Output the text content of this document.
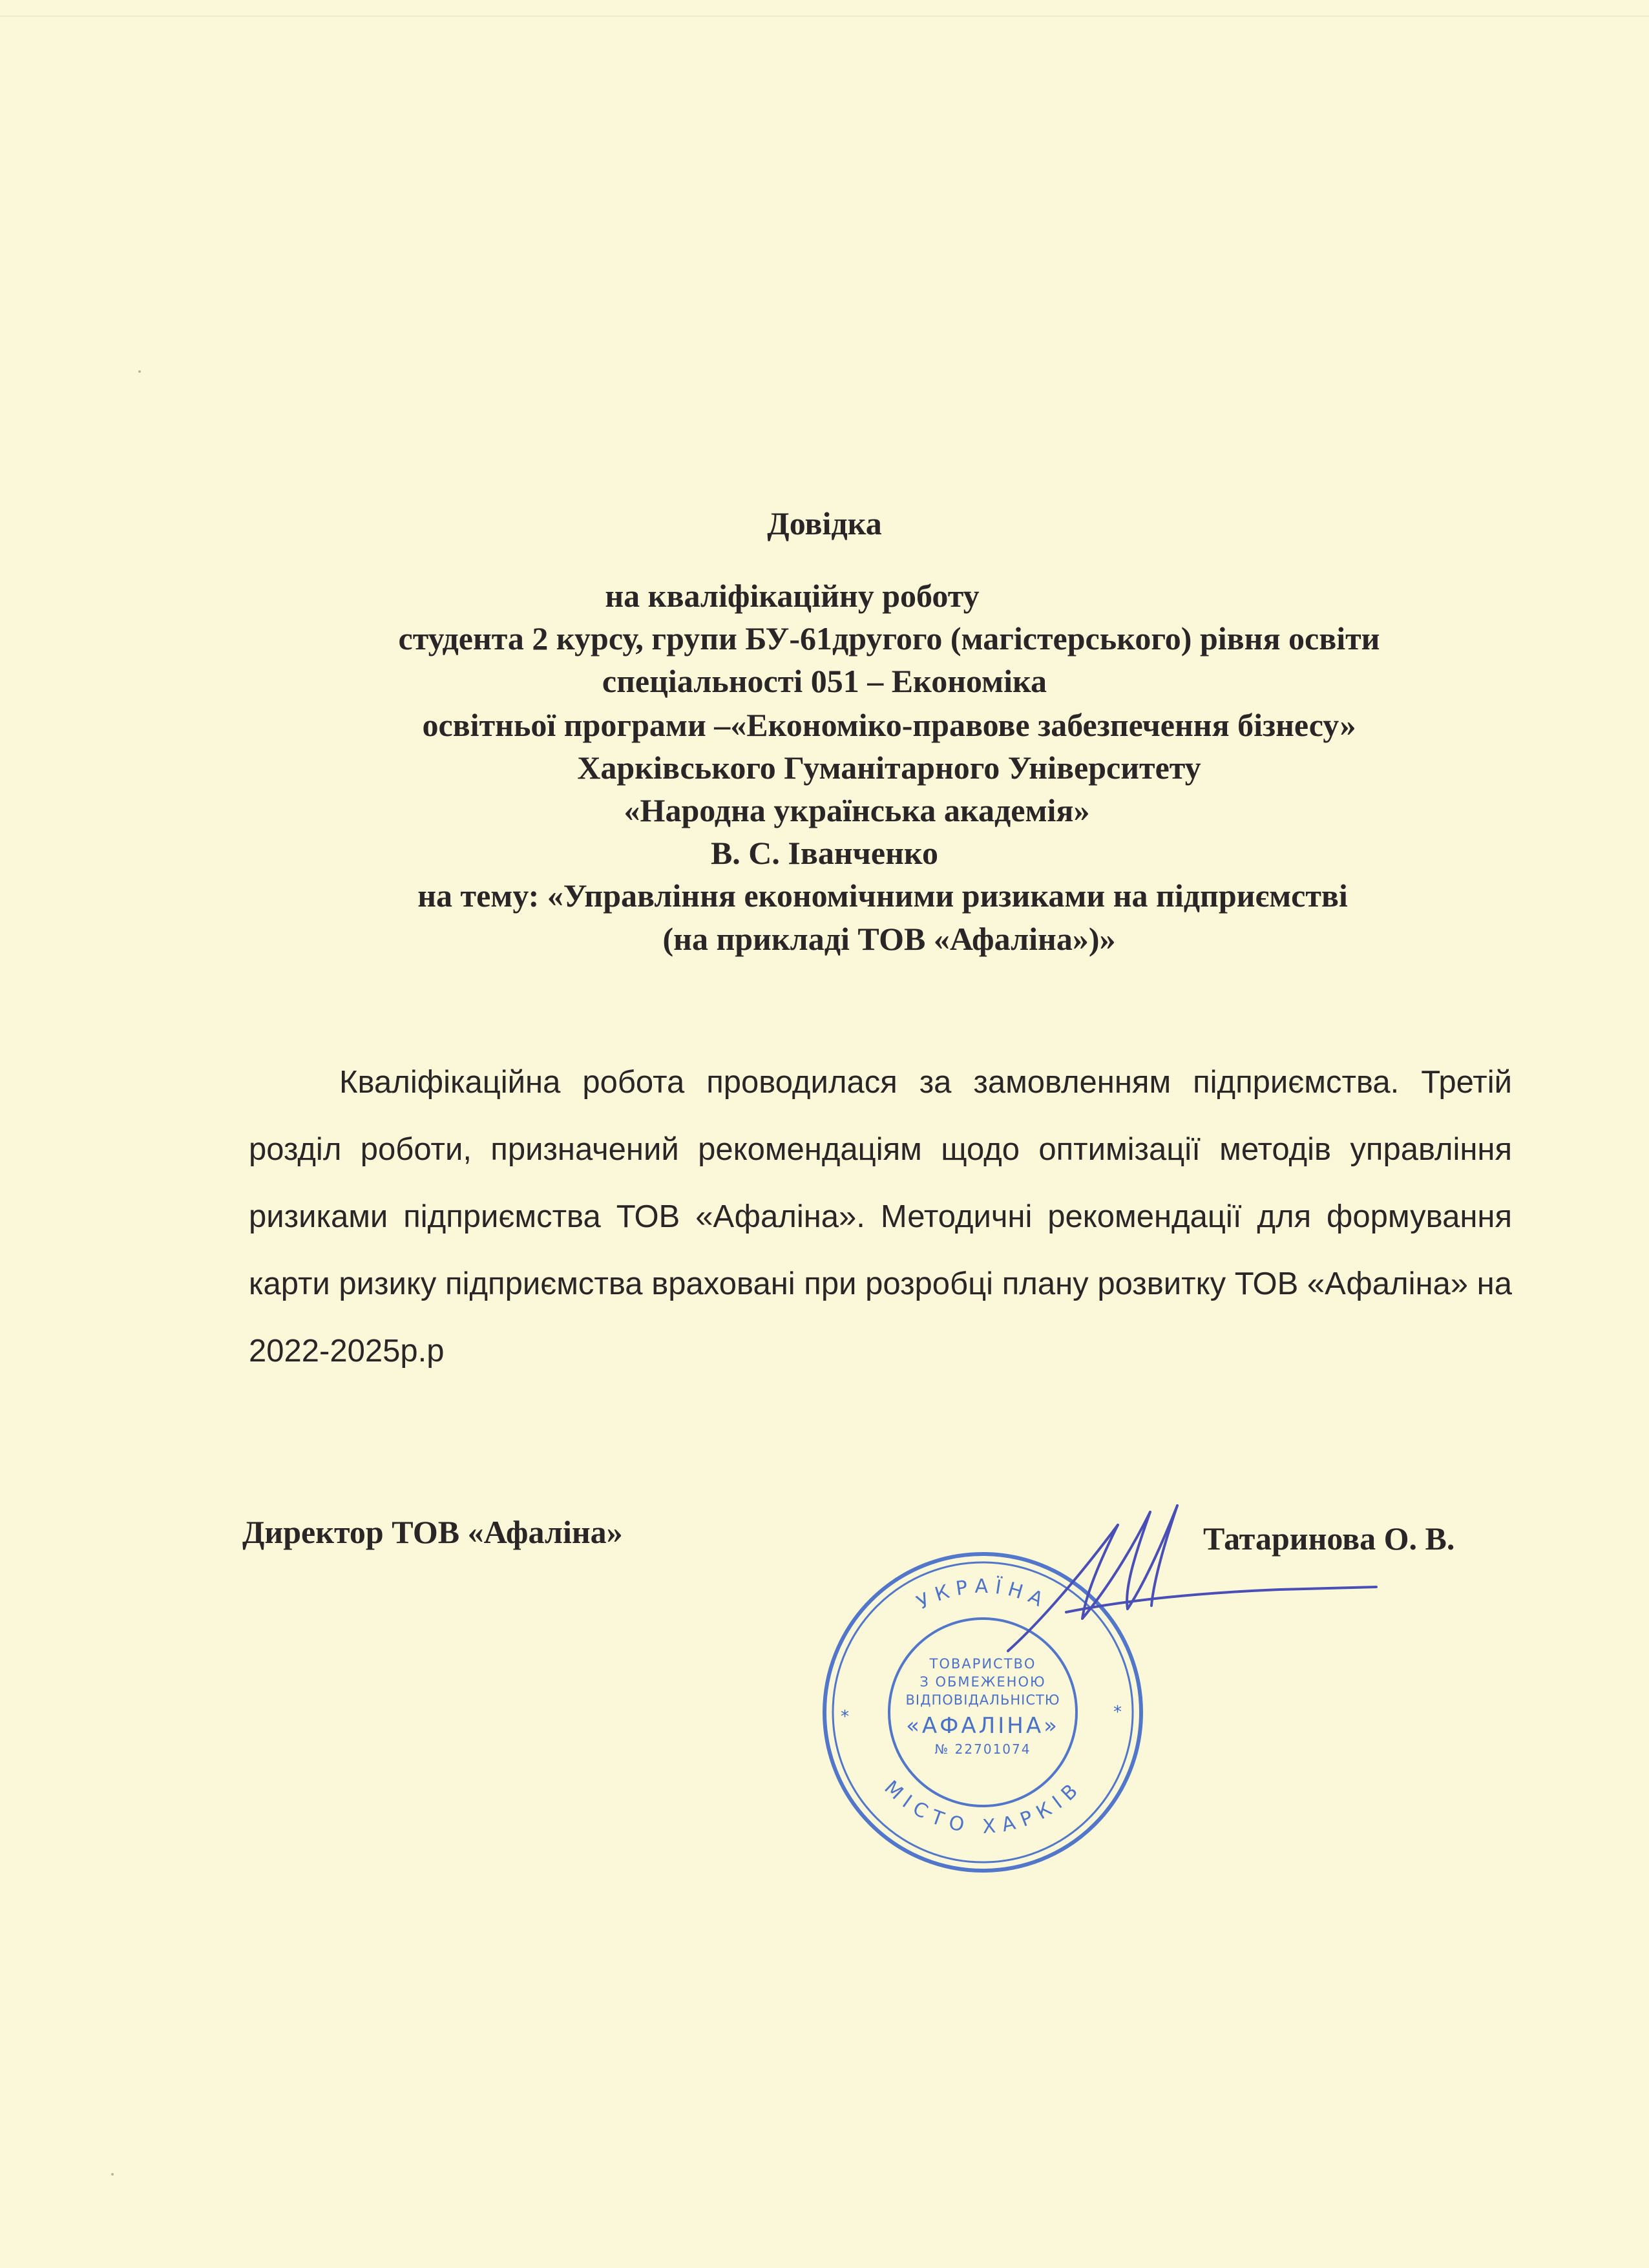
Довідка
на кваліфікаційну роботу
студента 2 курсу, групи БУ-61другого (магістерського) рівня освіти
спеціальності 051 – Економіка
освітньої програми –«Економіко-правове забезпечення бізнесу»
Харківського Гуманітарного Університету
«Народна українська академія»
В. С. Іванченко
на тему: «Управління економічними ризиками на підприємстві
(на прикладі ТОВ «Афаліна»)»

Кваліфікаційна робота проводилася за замовленням підприємства. Третій розділ роботи, призначений рекомендаціям щодо оптимізації методів управління ризиками підприємства ТОВ «Афаліна». Методичні рекомендації для формування карти ризику підприємства враховані при розробці плану розвитку ТОВ «Афаліна» на 2022-2025р.р

Директор ТОВ «Афаліна»	Татаринова О. В.
УКРАЇНА
МІСТО ХАРКІВ
*	*
ТОВАРИСТВО
З ОБМЕЖЕНОЮ
ВІДПОВІДАЛЬНІСТЮ
«АФАЛІНА»
№ 22701074
